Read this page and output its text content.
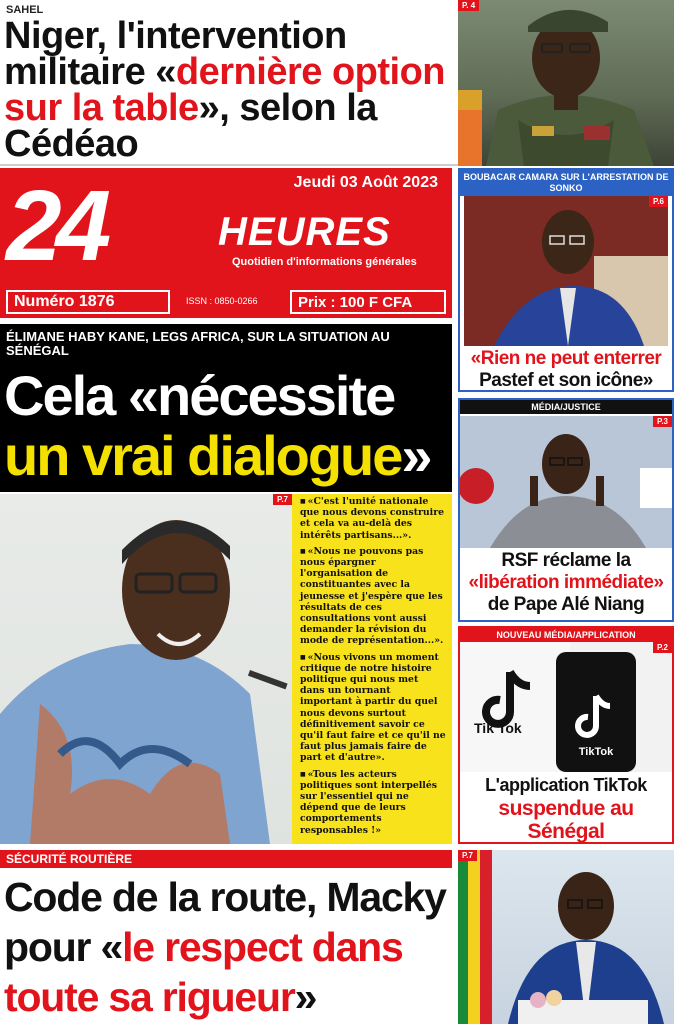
SAHEL
Niger, l'intervention militaire «dernière option sur la table», selon la Cédéao
P. 4
Jeudi 03 Août 2023
24	HEURES
Quotidien d'informations générales
Numéro 1876	ISSN : 0850-0266	Prix : 100 F CFA
ÉLIMANE HABY KANE, LEGS AFRICA, SUR LA SITUATION AU SÉNÉGAL
Cela «nécessite
un vrai dialogue»
P.7
■	«C'est l'unité nationale que nous devons construire et cela va au-delà des intérêts partisans...».
■ «Nous ne pouvons pas nous épargner l'organisation de constituantes avec la jeunesse et j'espère que les résultats de ces consultations vont aussi demander la révision du mode de représentation...».
■ «Nous vivons un moment critique de notre histoire politique qui nous met dans un tournant important à partir du quel nous devons surtout définitivement savoir ce qu'il faut faire et ce qu'il ne faut plus jamais faire de part et d'autre».
■ «Tous les acteurs politiques sont interpellés sur l'essentiel qui ne dépend que de leurs comportements responsables !»
BOUBACAR CAMARA SUR L'ARRESTATION DE SONKO
P.6
«Rien ne peut enterrer
Pastef et son icône»
MÉDIA/JUSTICE
P.3
RSF réclame la
«libération immédiate»
de Pape Alé Niang
NOUVEAU MÉDIA/APPLICATION
Tik Tok
TikTok
P.2
L'application TikTok
suspendue au Sénégal
SÉCURITÉ ROUTIÈRE
Code de la route, Macky pour «le respect dans toute sa rigueur»
P.7
